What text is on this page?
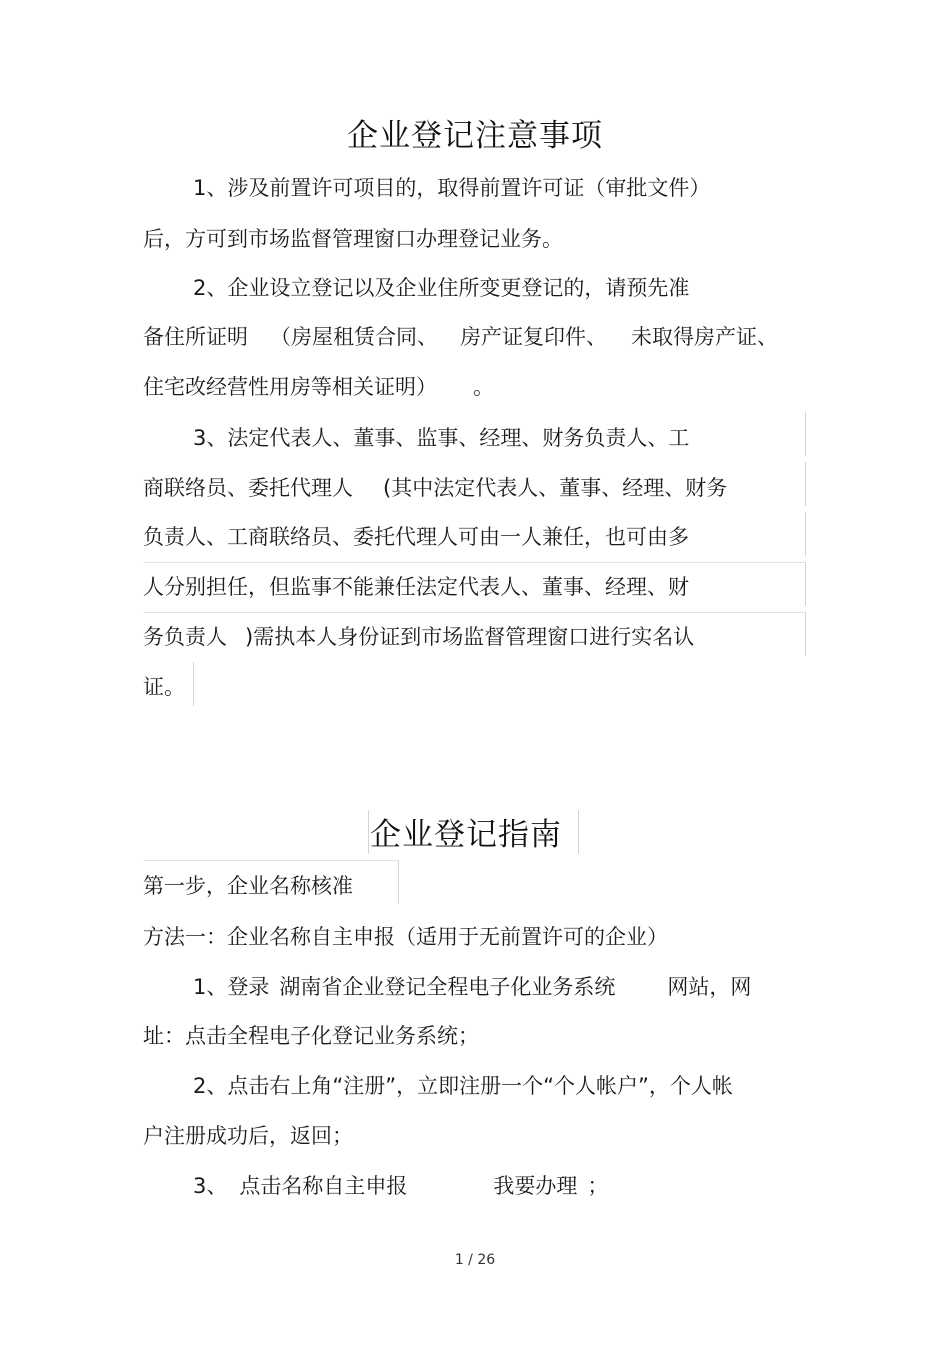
企业登记注意事项
1、涉及前置许可项目的，取得前置许可证（审批文件）
后，方可到市场监督管理窗口办理登记业务。
2、企业设立登记以及企业住所变更登记的，请预先准
备住所证明 （房屋租赁合同、 房产证复印件、 未取得房产证、
住宅改经营性用房等相关证明） 。
3、法定代表人、董事、监事、经理、财务负责人、工
商联络员、委托代理人 (其中法定代表人、董事、经理、财务
负责人、工商联络员、委托代理人可由一人兼任，也可由多
人分别担任，但监事不能兼任法定代表人、董事、经理、财
务负责人 )需执本人身份证到市场监督管理窗口进行实名认
证。
企业登记指南
第一步，企业名称核准
方法一：企业名称自主申报（适用于无前置许可的企业）
1、登录 湖南省企业登记全程电子化业务系统 网站，网
址：点击全程电子化登记业务系统；
2、点击右上角“注册”，立即注册一个“个人帐户”，个人帐
户注册成功后，返回；
3、 点击名称自主申报	我要办理 ；
1 / 26
